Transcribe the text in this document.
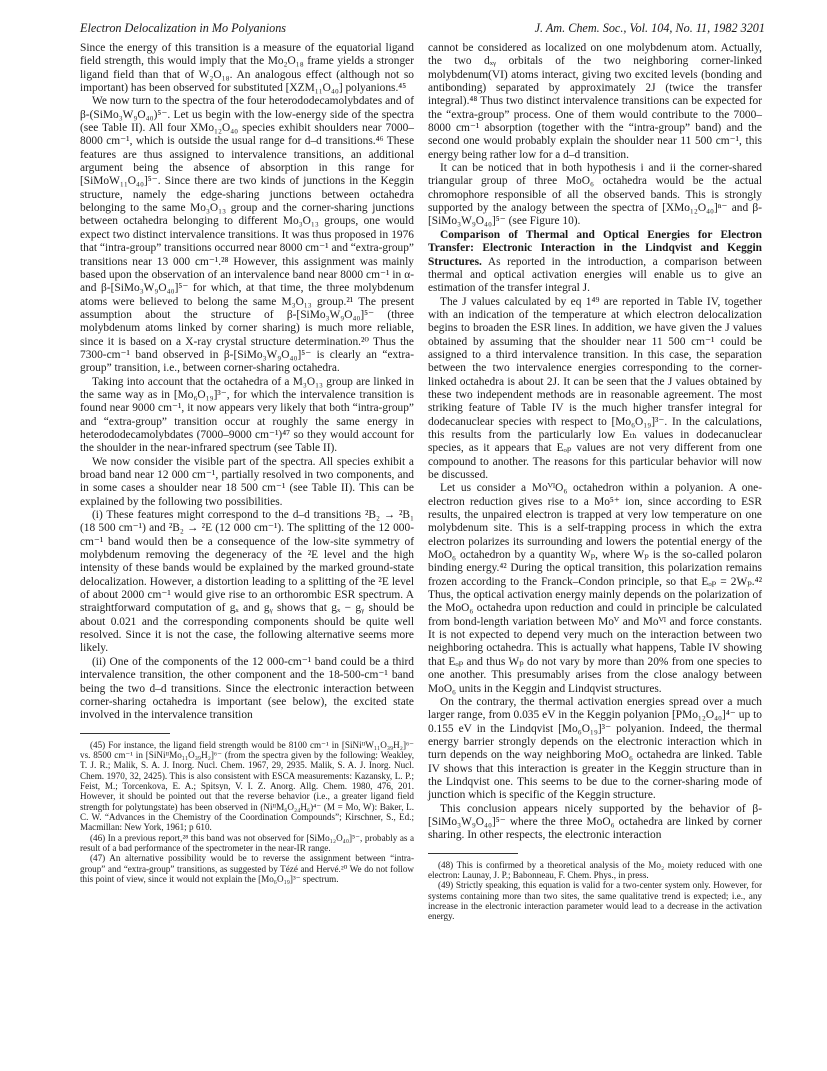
Electron Delocalization in Mo Polyanions	J. Am. Chem. Soc., Vol. 104, No. 11, 1982 3201

Since the energy of this transition is a measure of the equatorial ligand field strength, this would imply that the Mo₂O₁₈ frame yields a stronger ligand field than that of W₂O₁₈. An analogous effect (although not so important) has been observed for substituted [XZM₁₁O₄₀] polyanions.⁴⁵

We now turn to the spectra of the four heterododecamolybdates and of β-(SiMo₃W₉O₄₀)⁵⁻. Let us begin with the low-energy side of the spectra (see Table II). All four XMo₁₂O₄₀ species exhibit shoulders near 7000–8000 cm⁻¹, which is outside the usual range for d–d transitions.⁴⁶ These features are thus assigned to intervalence transitions, an additional argument being the absence of absorption in this range for [SiMoW₁₁O₄₀]⁵⁻. Since there are two kinds of junctions in the Keggin structure, namely the edge-sharing junctions between octahedra belonging to the same Mo₃O₁₃ group and the corner-sharing junctions between octahedra belonging to different Mo₃O₁₃ groups, one would expect two distinct intervalence transitions. It was thus proposed in 1976 that “intra-group” transitions occurred near 8000 cm⁻¹ and “extra-group” transitions near 13 000 cm⁻¹.²⁸ However, this assignment was mainly based upon the observation of an intervalence band near 8000 cm⁻¹ in α- and β-[SiMo₃W₉O₄₀]⁵⁻ for which, at that time, the three molybdenum atoms were believed to belong the same M₃O₁₃ group.²¹ The present assumption about the structure of β-[SiMo₃W₉O₄₀]⁵⁻ (three molybdenum atoms linked by corner sharing) is much more reliable, since it is based on a X-ray crystal structure determination.²⁰ Thus the 7300-cm⁻¹ band observed in β-[SiMo₃W₉O₄₀]⁵⁻ is clearly an “extra-group” transition, i.e., between corner-sharing octahedra.

Taking into account that the octahedra of a M₃O₁₃ group are linked in the same way as in [Mo₆O₁₉]³⁻, for which the intervalence transition is found near 9000 cm⁻¹, it now appears very likely that both “intra-group” and “extra-group” transition occur at roughly the same energy in heterododecamolybdates (7000–9000 cm⁻¹)⁴⁷ so they would account for the shoulder in the near-infrared spectrum (see Table II).

We now consider the visible part of the spectra. All species exhibit a broad band near 12 000 cm⁻¹, partially resolved in two components, and in some cases a shoulder near 18 500 cm⁻¹ (see Table II). This can be explained by the following two possibilities.

(i) These features might correspond to the d–d transitions ²B₂ → ²B₁ (18 500 cm⁻¹) and ²B₂ → ²E (12 000 cm⁻¹). The splitting of the 12 000-cm⁻¹ band would then be a consequence of the low-site symmetry of molybdenum removing the degeneracy of the ²E level and the high intensity of these bands would be explained by the marked ground-state delocalization. However, a distortion leading to a splitting of the ²E level of about 2000 cm⁻¹ would give rise to an orthorombic ESR spectrum. A straightforward computation of gₓ and gᵧ shows that gₓ − gᵧ should be about 0.021 and the corresponding components should be quite well resolved. Since it is not the case, the following alternative seems more likely.

(ii) One of the components of the 12 000-cm⁻¹ band could be a third intervalence transition, the other component and the 18-500-cm⁻¹ band being the two d–d transitions. Since the electronic interaction between corner-sharing octahedra is important (see below), the excited state involved in the intervalence transition

(45) For instance, the ligand field strength would be 8100 cm⁻¹ in [SiNiᴵᴵW₁₁O₃₉H₂]⁶⁻ vs. 8500 cm⁻¹ in [SiNiᴵᴵMo₁₁O₃₉H₂]⁶⁻ (from the spectra given by the following: Weakley, T. J. R.; Malik, S. A. J. Inorg. Nucl. Chem. 1967, 29, 2935. Malik, S. A. J. Inorg. Nucl. Chem. 1970, 32, 2425). This is also consistent with ESCA measurements: Kazansky, L. P.; Feist, M.; Torcenkova, E. A.; Spitsyn, V. I. Z. Anorg. Allg. Chem. 1980, 476, 201. However, it should be pointed out that the reverse behavior (i.e., a greater ligand field strength for polytungstate) has been observed in (NiᴵᴵM₆O₂₄H₆)⁴⁻ (M = Mo, W): Baker, L. C. W. “Advances in the Chemistry of the Coordination Compounds”; Kirschner, S., Ed.; Macmillan: New York, 1961; p 610.

(46) In a previous report,²⁸ this band was not observed for [SiMo₁₂O₄₀]⁵⁻, probably as a result of a bad performance of the spectrometer in the near-IR range.

(47) An alternative possibility would be to reverse the assignment between “intra-group” and “extra-group” transitions, as suggested by Tézé and Hervé.²⁰ We do not follow this point of view, since it would not explain the [Mo₆O₁₉]³⁻ spectrum.

cannot be considered as localized on one molybdenum atom. Actually, the two dₓᵧ orbitals of the two neighboring corner-linked molybdenum(VI) atoms interact, giving two excited levels (bonding and antibonding) separated by approximately 2J (twice the transfer integral).⁴⁸ Thus two distinct intervalence transitions can be expected for the “extra-group” process. One of them would contribute to the 7000–8000 cm⁻¹ absorption (together with the “intra-group” band) and the second one would probably explain the shoulder near 11 500 cm⁻¹, this energy being rather low for a d–d transition.

It can be noticed that in both hypothesis i and ii the corner-shared triangular group of three MoO₆ octahedra would be the actual chromophore responsible of all the observed bands. This is strongly supported by the analogy between the spectra of [XMo₁₂O₄₀]ⁿ⁻ and β-[SiMo₃W₉O₄₀]⁵⁻ (see Figure 10).

Comparison of Thermal and Optical Energies for Electron Transfer: Electronic Interaction in the Lindqvist and Keggin Structures. As reported in the introduction, a comparison between thermal and optical activation energies will enable us to give an estimation of the transfer integral J.

The J values calculated by eq 1⁴⁹ are reported in Table IV, together with an indication of the temperature at which electron delocalization begins to broaden the ESR lines. In addition, we have given the J values obtained by assuming that the shoulder near 11 500 cm⁻¹ could be assigned to a third intervalence transition. In this case, the separation between the two intervalence energies corresponding to the corner-linked octahedra is about 2J. It can be seen that the J values obtained by these two independent methods are in reasonable agreement. The most striking feature of Table IV is the much higher transfer integral for dodecanuclear species with respect to [Mo₆O₁₉]³⁻. In the calculations, this results from the particularly low Eₜₕ values in dodecanuclear species, as it appears that Eₒₚ values are not very different from one compound to another. The reasons for this particular behavior will now be discussed.

Let us consider a MoⱽᴵO₆ octahedron within a polyanion. A one-electron reduction gives rise to a Mo⁵⁺ ion, since according to ESR results, the unpaired electron is trapped at very low temperature on one molybdenum site. This is a self-trapping process in which the extra electron polarizes its surrounding and lowers the potential energy of the MoO₆ octahedron by a quantity Wₚ, where Wₚ is the so-called polaron binding energy.⁴² During the optical transition, this polarization remains frozen according to the Franck–Condon principle, so that Eₒₚ = 2Wₚ.⁴² Thus, the optical activation energy mainly depends on the polarization of the MoO₆ octahedra upon reduction and could in principle be calculated from bond-length variation between Moⱽ and Moⱽᴵ and force constants. It is not expected to depend very much on the interaction between two neighboring octahedra. This is actually what happens, Table IV showing that Eₒₚ and thus Wₚ do not vary by more than 20% from one species to one another. This presumably arises from the close analogy between MoO₆ units in the Keggin and Lindqvist structures.

On the contrary, the thermal activation energies spread over a much larger range, from 0.035 eV in the Keggin polyanion [PMo₁₂O₄₀]⁴⁻ up to 0.155 eV in the Lindqvist [Mo₆O₁₉]³⁻ polyanion. Indeed, the thermal energy barrier strongly depends on the electronic interaction which in turn depends on the way neighboring MoO₆ octahedra are linked. Table IV shows that this interaction is greater in the Keggin structure than in the Lindqvist one. This seems to be due to the corner-sharing mode of junction which is specific of the Keggin structure.

This conclusion appears nicely supported by the behavior of β-[SiMo₃W₉O₄₀]⁵⁻ where the three MoO₆ octahedra are linked by corner sharing. In other respects, the electronic interaction

(48) This is confirmed by a theoretical analysis of the Mo₂ moiety reduced with one electron: Launay, J. P.; Babonneau, F. Chem. Phys., in press.

(49) Strictly speaking, this equation is valid for a two-center system only. However, for systems containing more than two sites, the same qualitative trend is expected; i.e., any increase in the electronic interaction parameter would lead to a decrease in the activation energy.
